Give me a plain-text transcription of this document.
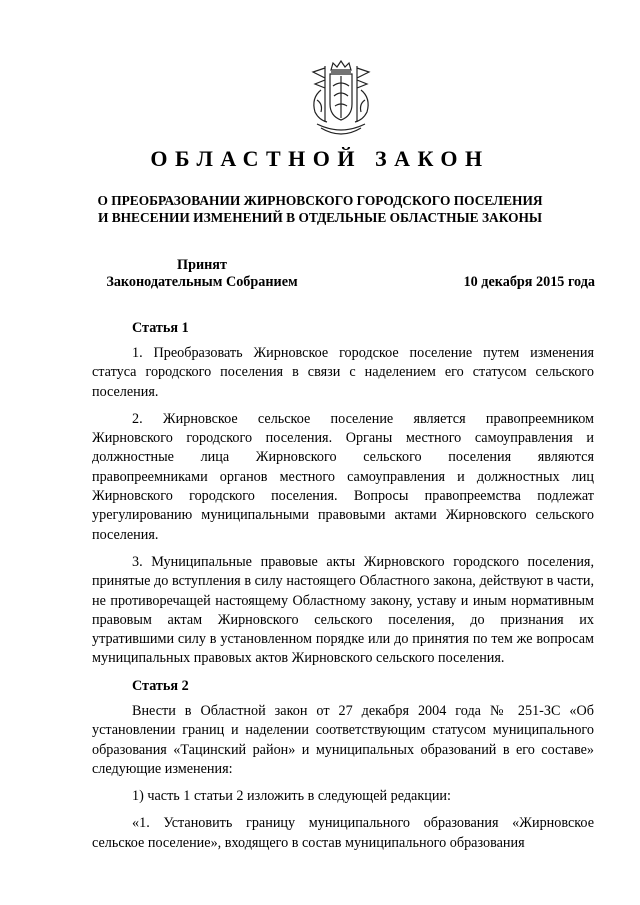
ОБЛАСТНОЙ ЗАКОН
О ПРЕОБРАЗОВАНИИ ЖИРНОВСКОГО ГОРОДСКОГО ПОСЕЛЕНИЯ
И ВНЕСЕНИИ ИЗМЕНЕНИЙ В ОТДЕЛЬНЫЕ ОБЛАСТНЫЕ ЗАКОНЫ
Принят
Законодательным Собранием	10 декабря 2015 года
Статья 1

1. Преобразовать Жирновское городское поселение путем изменения статуса городского поселения в связи с наделением его статусом сельского поселения.

2. Жирновское сельское поселение является правопреемником Жирновского городского поселения. Органы местного самоуправления и должностные лица Жирновского сельского поселения являются правопреемниками органов местного самоуправления и должностных лиц Жирновского городского поселения. Вопросы правопреемства подлежат урегулированию муниципальными правовыми актами Жирновского сельского поселения.

3. Муниципальные правовые акты Жирновского городского поселения, принятые до вступления в силу настоящего Областного закона, действуют в части, не противоречащей настоящему Областному закону, уставу и иным нормативным правовым актам Жирновского сельского поселения, до признания их утратившими силу в установленном порядке или до принятия по тем же вопросам муниципальных правовых актов Жирновского сельского поселения.

Статья 2

Внести в Областной закон от 27 декабря 2004 года № 251-ЗС «Об установлении границ и наделении соответствующим статусом муниципального образования «Тацинский район» и муниципальных образований в его составе» следующие изменения:

1) часть 1 статьи 2 изложить в следующей редакции:

«1. Установить границу муниципального образования «Жирновское сельское поселение», входящего в состав муниципального образования
